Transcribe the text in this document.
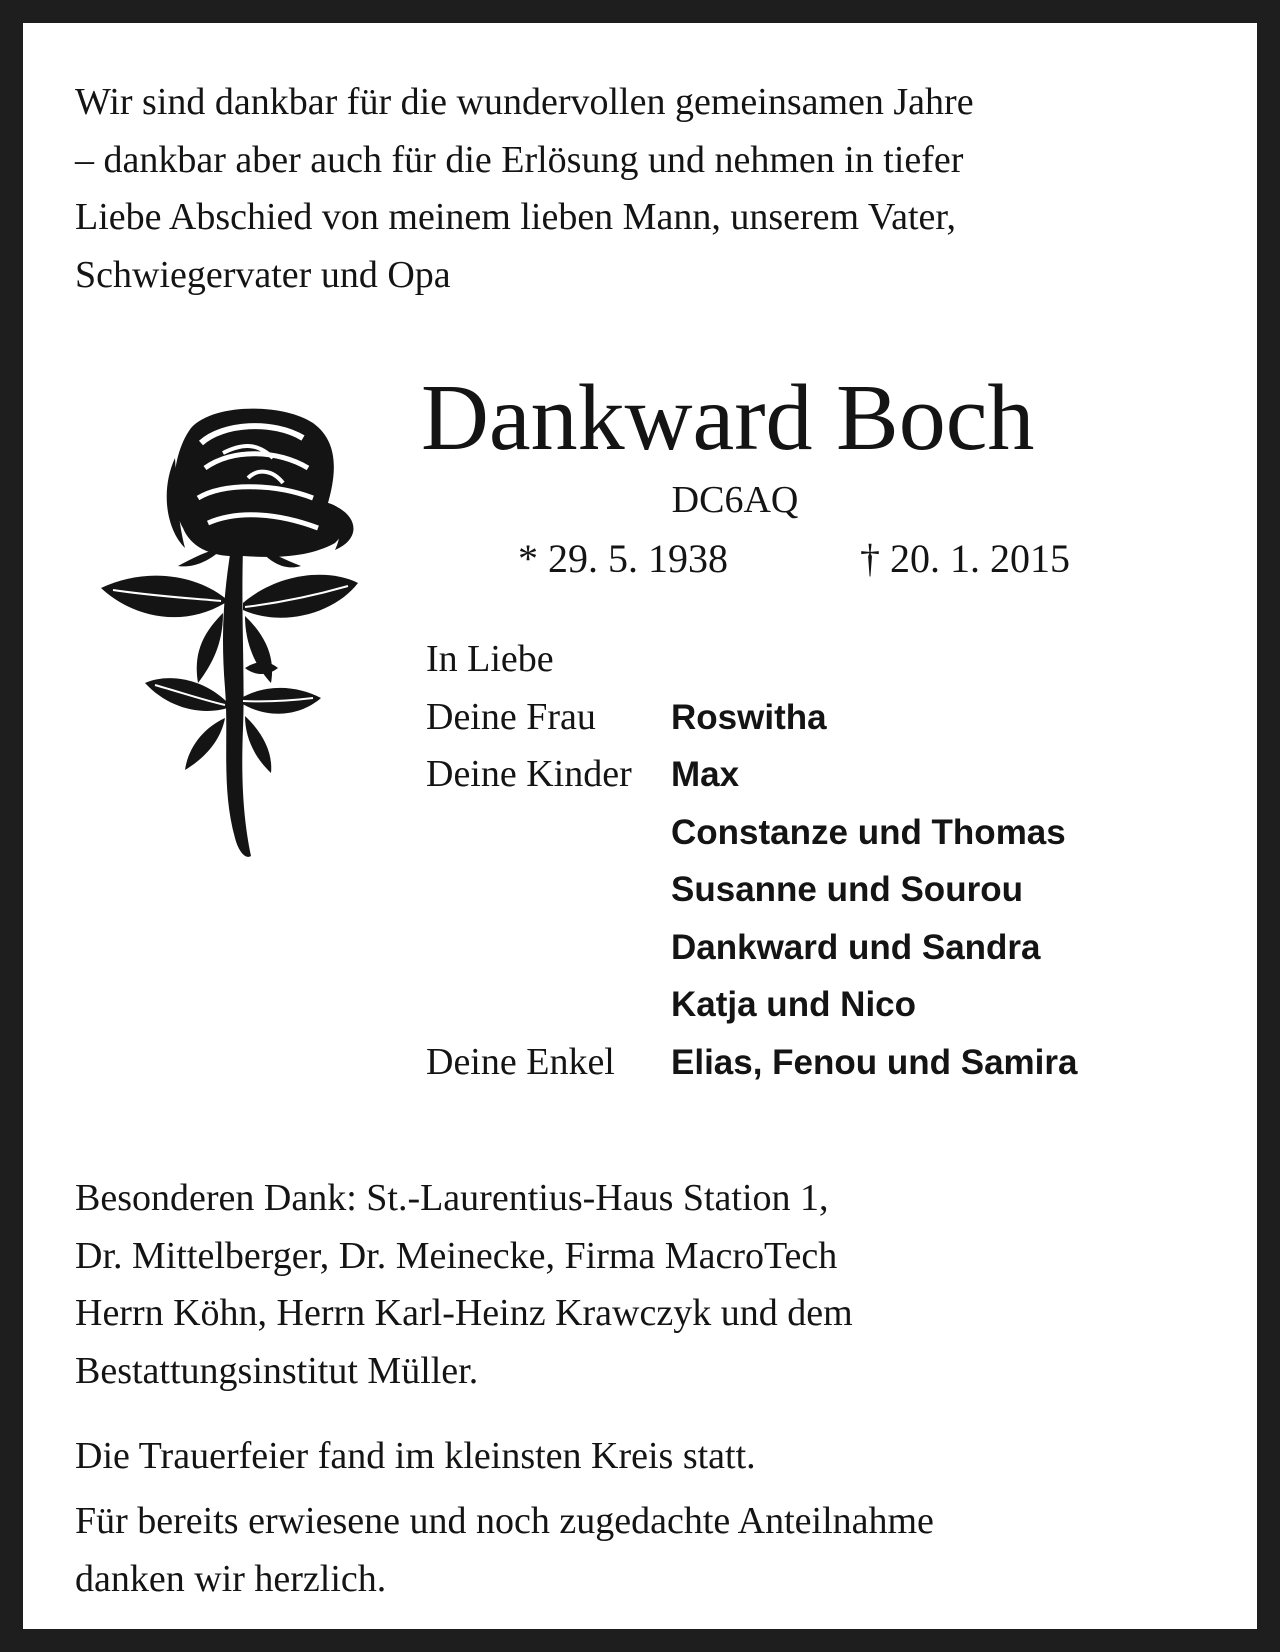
Wir sind dankbar für die wundervollen gemeinsamen Jahre
– dankbar aber auch für die Erlösung und nehmen in tiefer
Liebe Abschied von meinem lieben Mann, unserem Vater,
Schwiegervater und Opa
Dankward Boch
DC6AQ
* 29. 5. 1938	† 20. 1. 2015
In Liebe
Deine Frau	Roswitha
Deine Kinder	Max
Constanze und Thomas
Susanne und Sourou
Dankward und Sandra
Katja und Nico
Deine Enkel	Elias, Fenou und Samira
Besonderen Dank: St.-Laurentius-Haus Station 1,
Dr. Mittelberger, Dr. Meinecke, Firma MacroTech
Herrn Köhn, Herrn Karl-Heinz Krawczyk und dem
Bestattungsinstitut Müller.
Die Trauerfeier fand im kleinsten Kreis statt.
Für bereits erwiesene und noch zugedachte Anteilnahme
danken wir herzlich.
